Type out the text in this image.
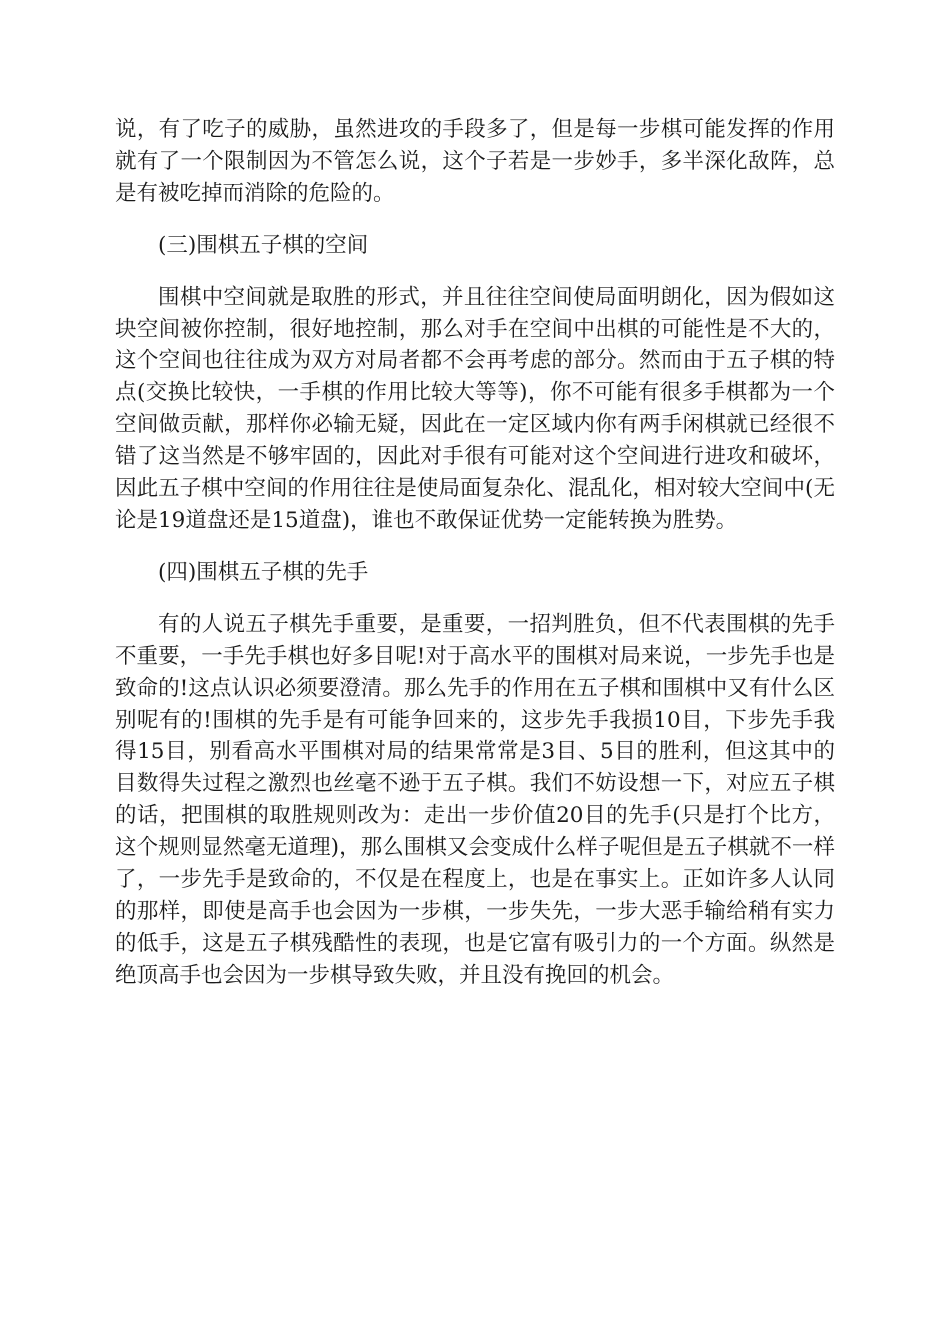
说，有了吃子的威胁，虽然进攻的手段多了，但是每一步棋可能发挥的作用就有了一个限制因为不管怎么说，这个子若是一步妙手，多半深化敌阵，总是有被吃掉而消除的危险的。

(三)围棋五子棋的空间

围棋中空间就是取胜的形式，并且往往空间使局面明朗化，因为假如这块空间被你控制，很好地控制，那么对手在空间中出棋的可能性是不大的，这个空间也往往成为双方对局者都不会再考虑的部分。然而由于五子棋的特点(交换比较快，一手棋的作用比较大等等)，你不可能有很多手棋都为一个空间做贡献，那样你必输无疑，因此在一定区域内你有两手闲棋就已经很不错了这当然是不够牢固的，因此对手很有可能对这个空间进行进攻和破坏，因此五子棋中空间的作用往往是使局面复杂化、混乱化，相对较大空间中(无论是19道盘还是15道盘)，谁也不敢保证优势一定能转换为胜势。

(四)围棋五子棋的先手

有的人说五子棋先手重要，是重要，一招判胜负，但不代表围棋的先手不重要，一手先手棋也好多目呢!对于高水平的围棋对局来说，一步先手也是致命的!这点认识必须要澄清。那么先手的作用在五子棋和围棋中又有什么区别呢有的!围棋的先手是有可能争回来的，这步先手我损10目，下步先手我得15目，别看高水平围棋对局的结果常常是3目、5目的胜利，但这其中的目数得失过程之激烈也丝毫不逊于五子棋。我们不妨设想一下，对应五子棋的话，把围棋的取胜规则改为：走出一步价值20目的先手(只是打个比方，这个规则显然毫无道理)，那么围棋又会变成什么样子呢但是五子棋就不一样了，一步先手是致命的，不仅是在程度上，也是在事实上。正如许多人认同的那样，即使是高手也会因为一步棋，一步失先，一步大恶手输给稍有实力的低手，这是五子棋残酷性的表现，也是它富有吸引力的一个方面。纵然是绝顶高手也会因为一步棋导致失败，并且没有挽回的机会。
